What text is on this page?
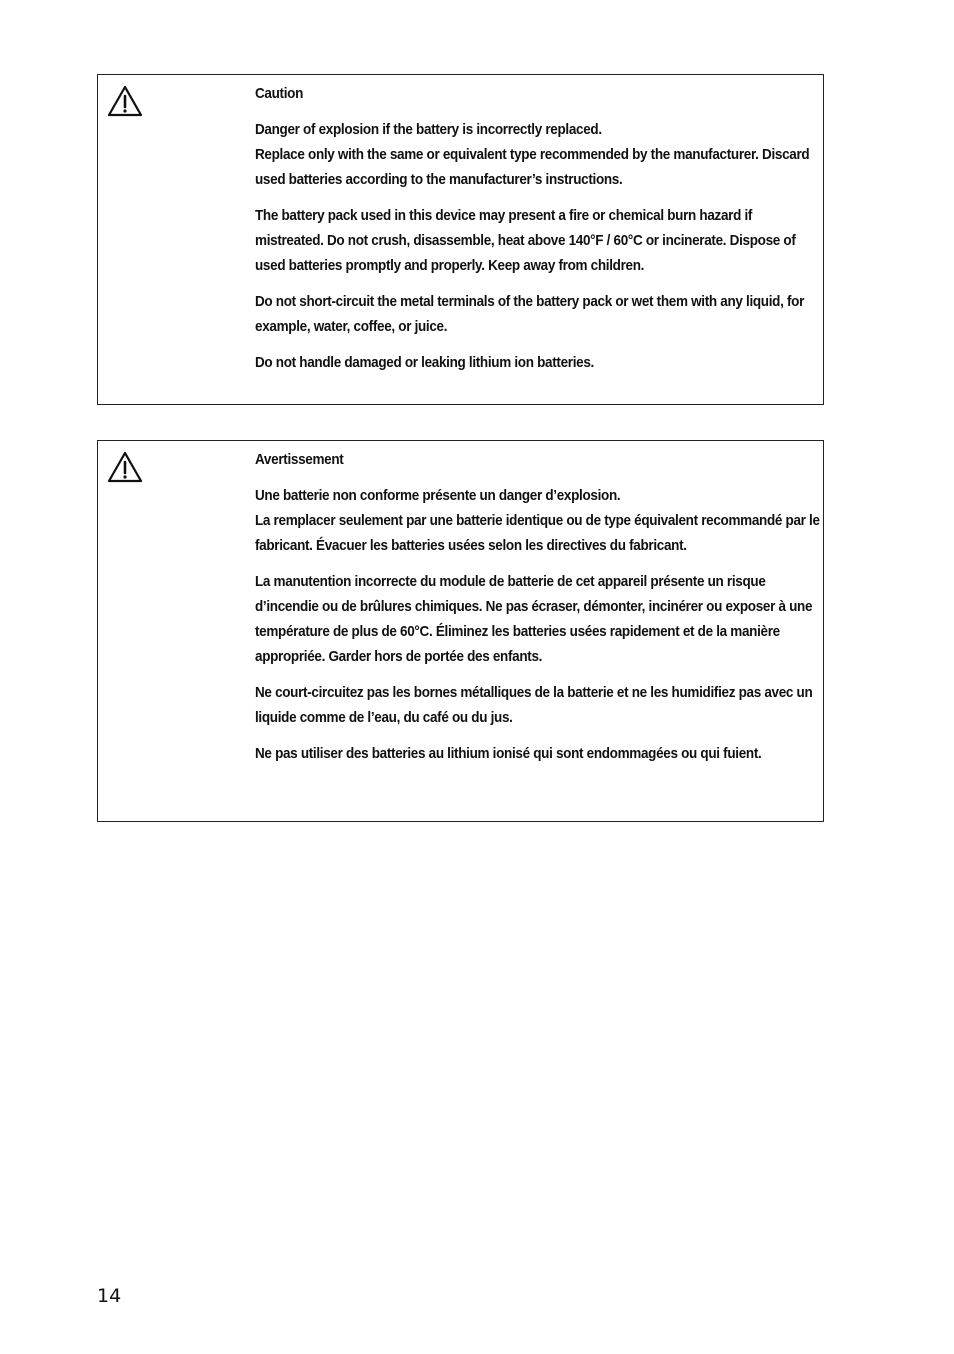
Caution
Danger of explosion if the battery is incorrectly replaced.
Replace only with the same or equivalent type recommended by the manufacturer. Discard used batteries according to the manufacturer’s instructions.
The battery pack used in this device may present a fire or chemical burn hazard if mistreated. Do not crush, disassemble, heat above 140°F / 60°C or incinerate. Dispose of used batteries promptly and properly. Keep away from children.
Do not short-circuit the metal terminals of the battery pack or wet them with any liquid, for example, water, coffee, or juice.
Do not handle damaged or leaking lithium ion batteries.
Avertissement
Une batterie non conforme présente un danger d’explosion.
La remplacer seulement par une batterie identique ou de type équivalent recommandé par le fabricant. Évacuer les batteries usées selon les directives du fabricant.
La manutention incorrecte du module de batterie de cet appareil présente un risque d’incendie ou de brûlures chimiques. Ne pas écraser, démonter, incinérer ou exposer à une température de plus de 60°C. Éliminez les batteries usées rapidement et de la manière appropriée. Garder hors de portée des enfants.
Ne court-circuitez pas les bornes métalliques de la batterie et ne les humidifiez pas avec un liquide comme de l’eau, du café ou du jus.
Ne pas utiliser des batteries au lithium ionisé qui sont endommagées ou qui fuient.
14
